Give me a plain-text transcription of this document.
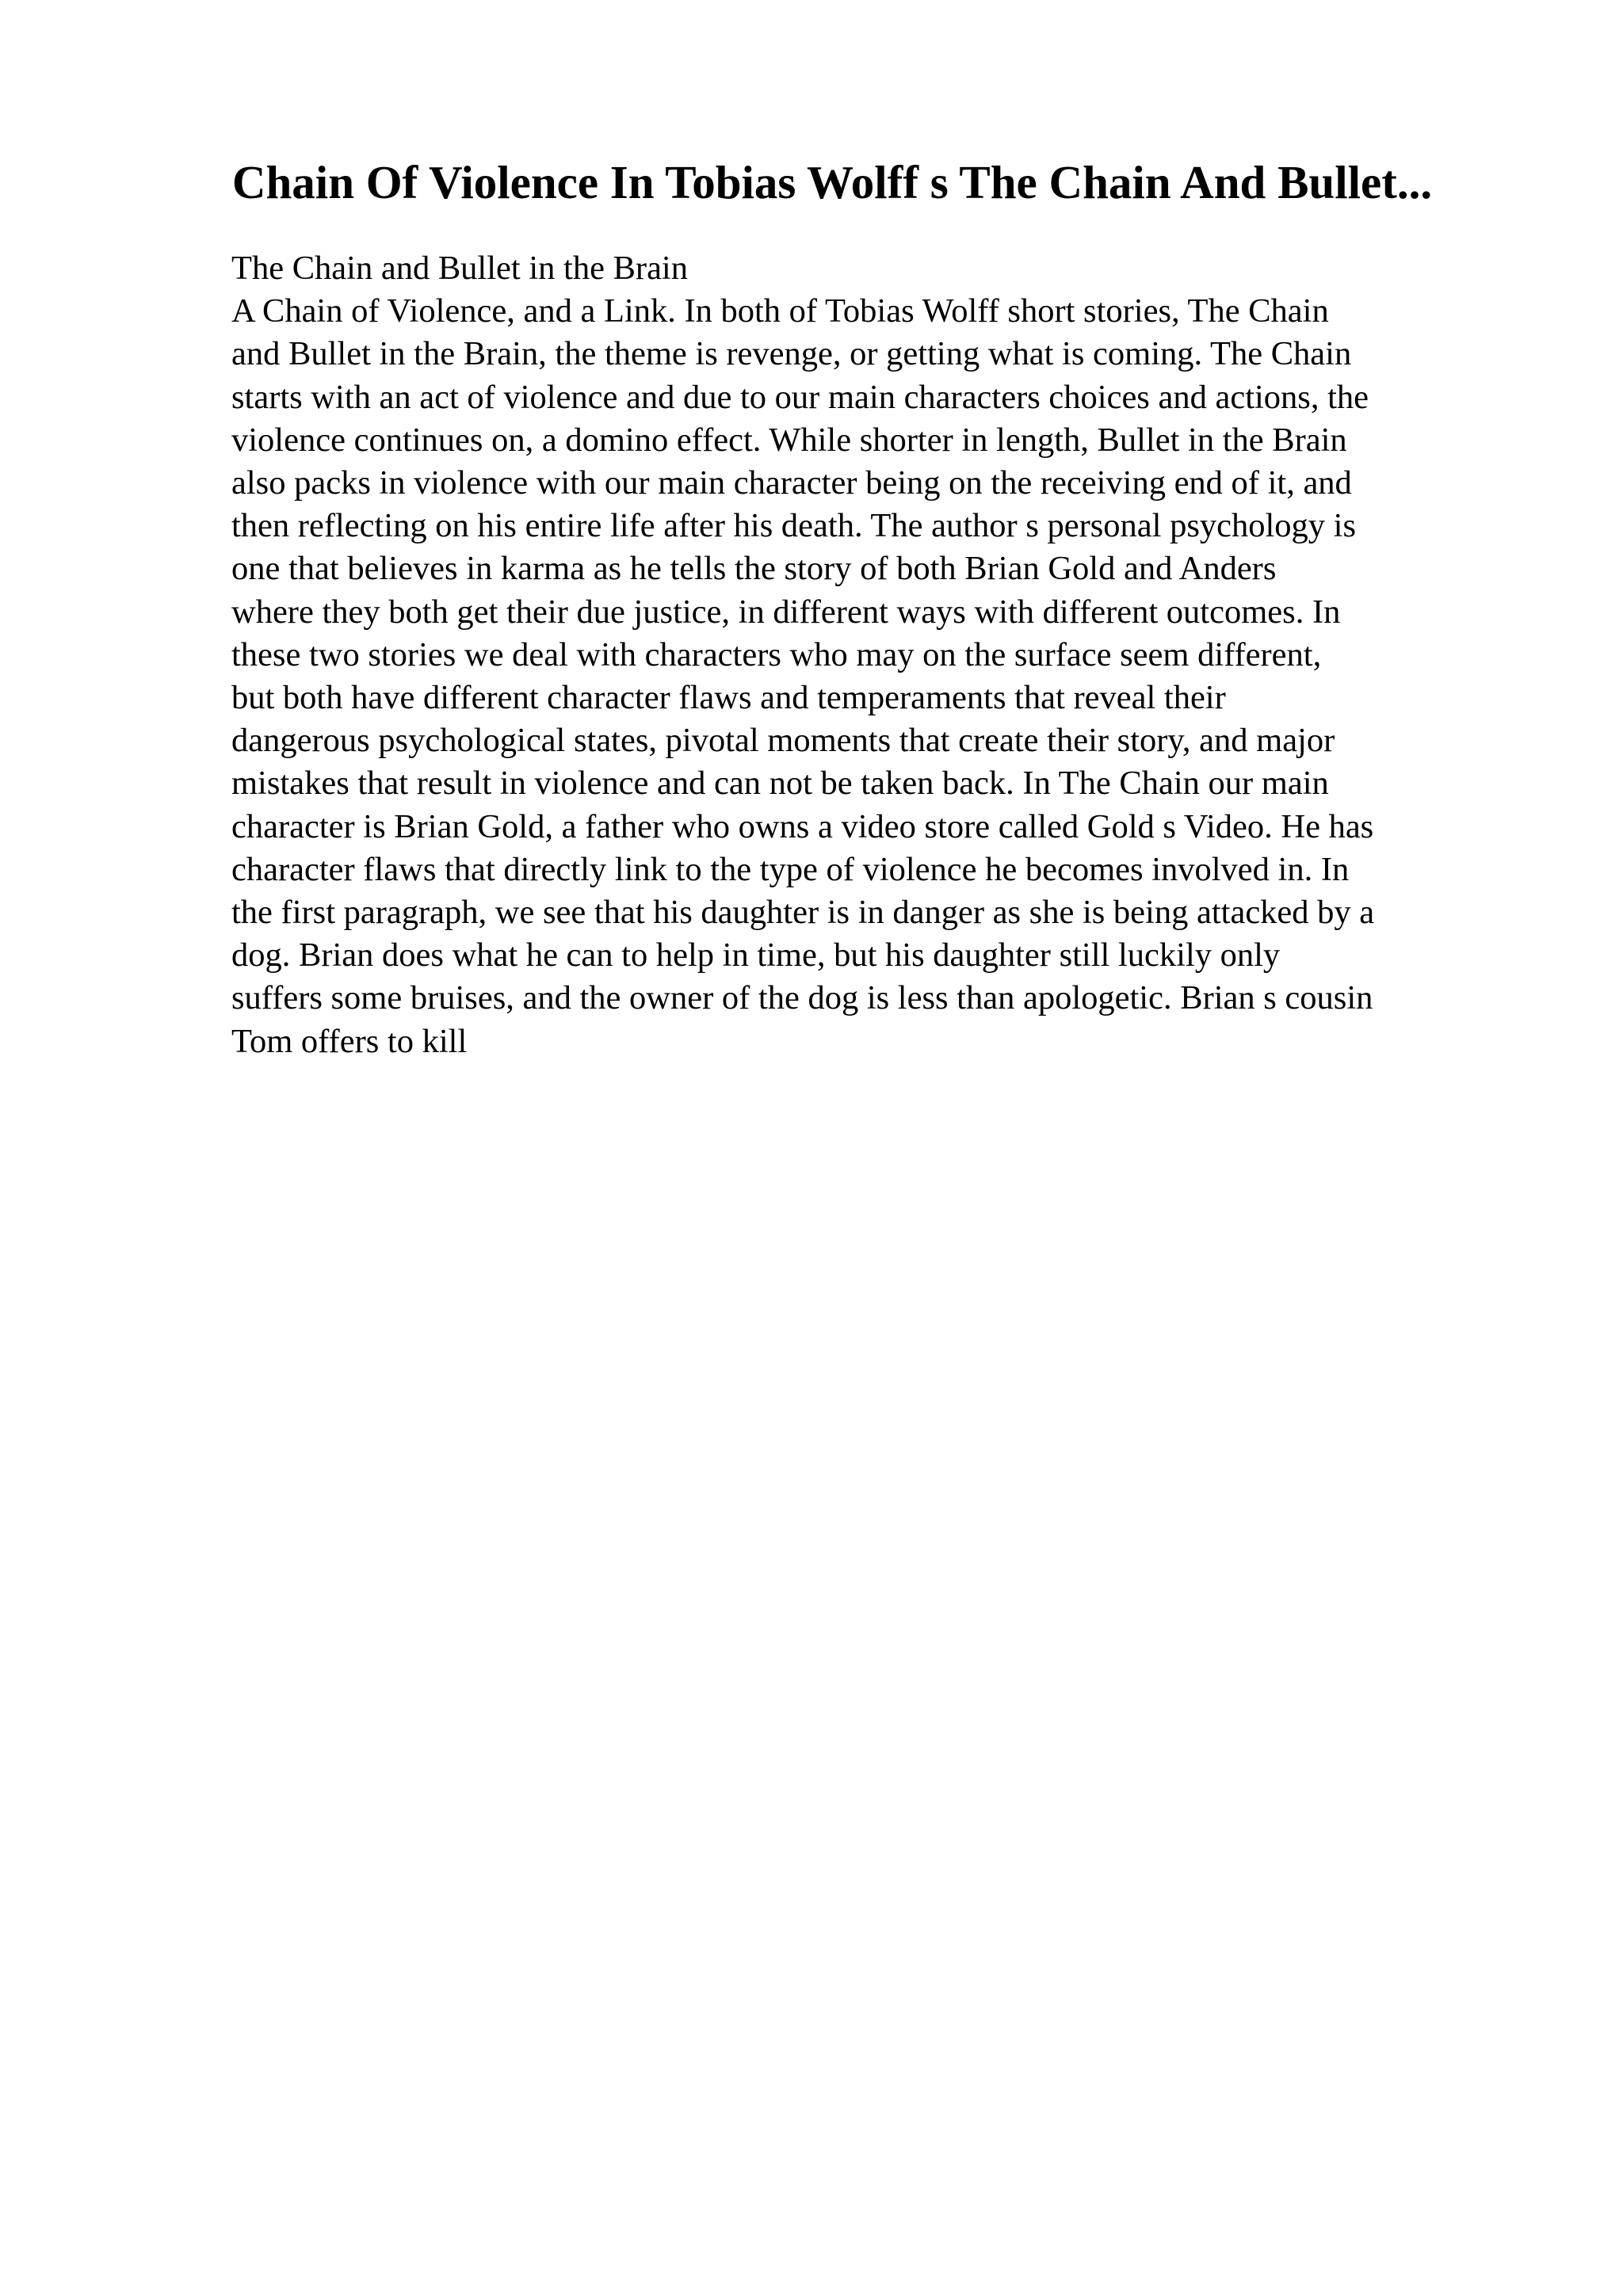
Chain Of Violence In Tobias Wolff s The Chain And Bullet...
The Chain and Bullet in the Brain
A Chain of Violence, and a Link. In both of Tobias Wolff short stories, The Chain
and Bullet in the Brain, the theme is revenge, or getting what is coming. The Chain
starts with an act of violence and due to our main characters choices and actions, the
violence continues on, a domino effect. While shorter in length, Bullet in the Brain
also packs in violence with our main character being on the receiving end of it, and
then reflecting on his entire life after his death. The author s personal psychology is
one that believes in karma as he tells the story of both Brian Gold and Anders
where they both get their due justice, in different ways with different outcomes. In
these two stories we deal with characters who may on the surface seem different,
but both have different character flaws and temperaments that reveal their
dangerous psychological states, pivotal moments that create their story, and major
mistakes that result in violence and can not be taken back. In The Chain our main
character is Brian Gold, a father who owns a video store called Gold s Video. He has
character flaws that directly link to the type of violence he becomes involved in. In
the first paragraph, we see that his daughter is in danger as she is being attacked by a
dog. Brian does what he can to help in time, but his daughter still luckily only
suffers some bruises, and the owner of the dog is less than apologetic. Brian s cousin
Tom offers to kill
